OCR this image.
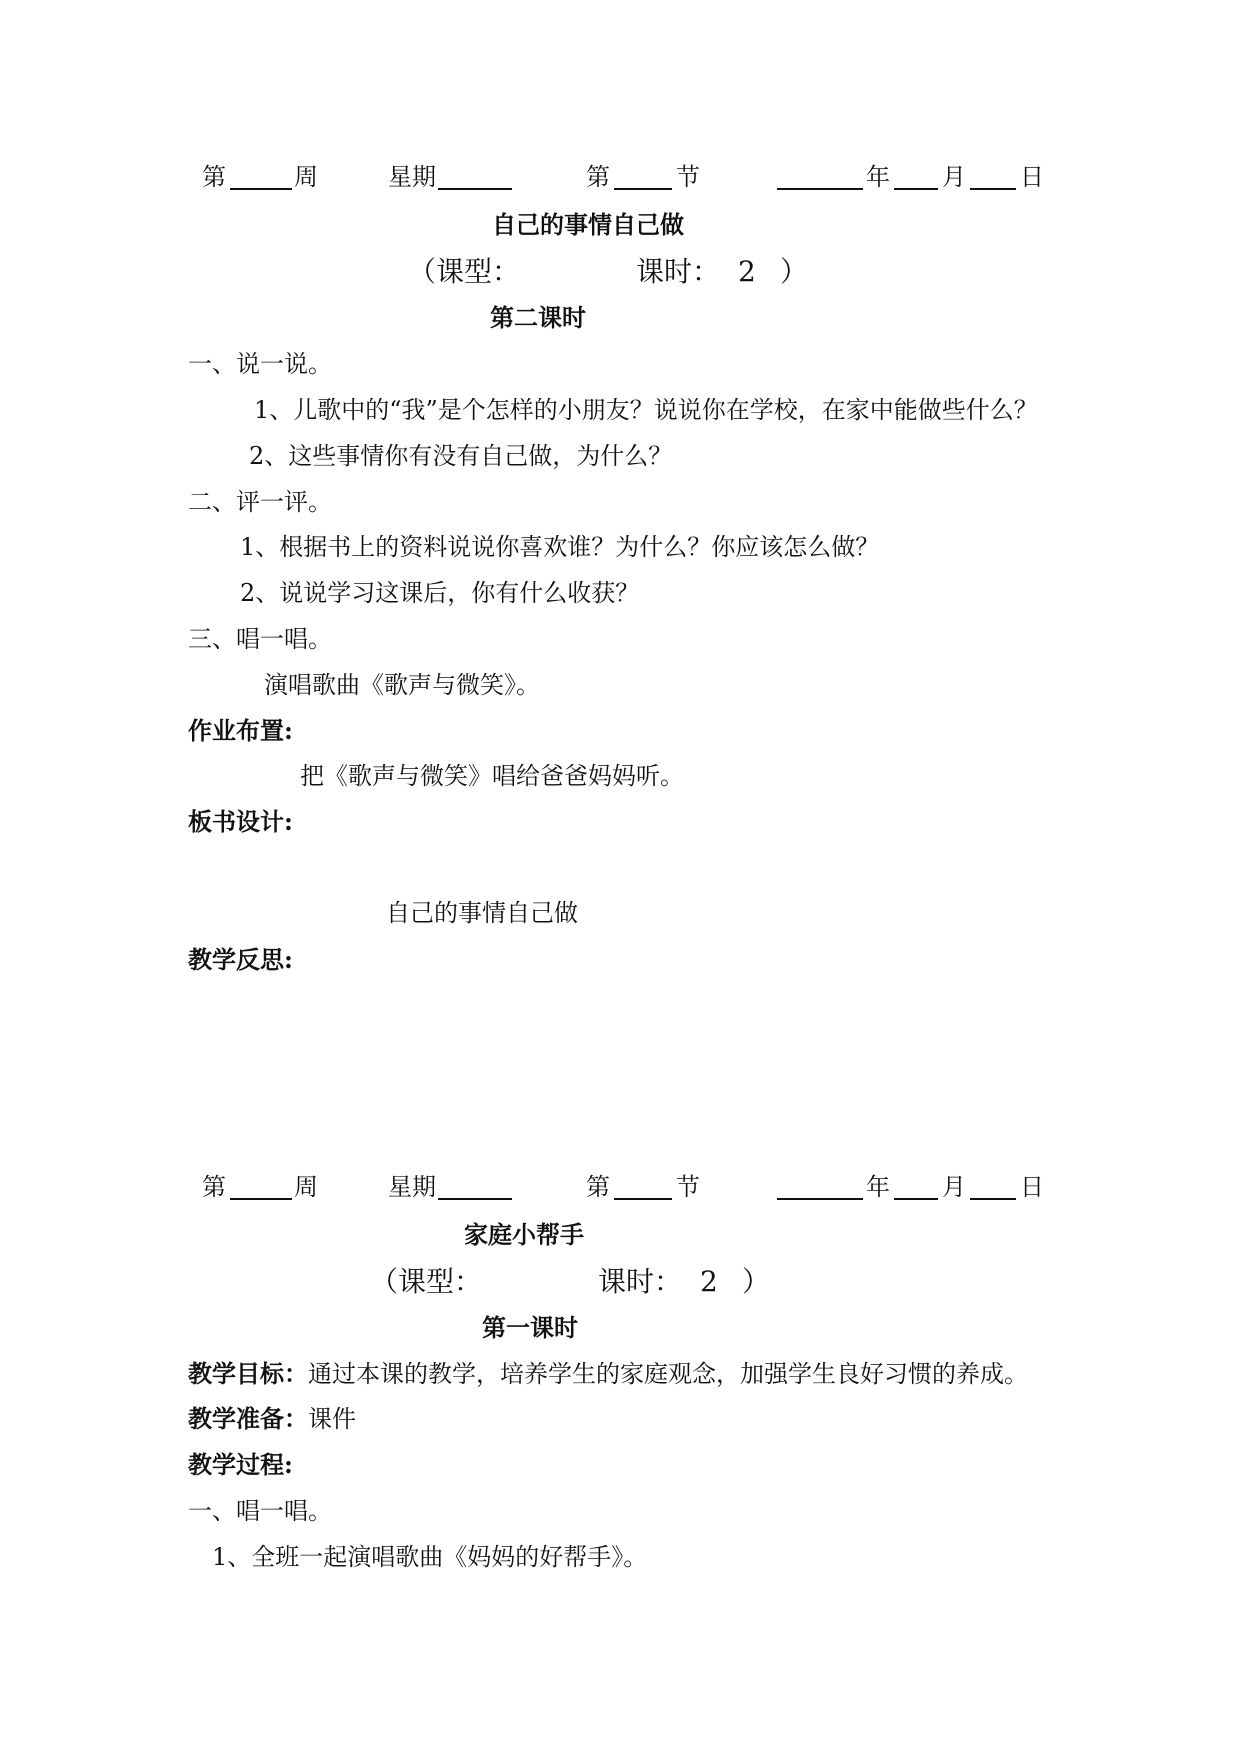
第	周	星期	第	节	年 月 日
自己的事情自己做
（课型：	课时： 2 ）
第二课时
一、说一说。
1、儿歌中的“我”是个怎样的小朋友？说说你在学校，在家中能做些什么？
2、这些事情你有没有自己做，为什么？
二、评一评。
1、根据书上的资料说说你喜欢谁？为什么？你应该怎么做？
2、说说学习这课后，你有什么收获？
三、唱一唱。
演唱歌曲《歌声与微笑》。
作业布置:
把《歌声与微笑》唱给爸爸妈妈听。
板书设计:
自己的事情自己做
教学反思:
第	周	星期	第	节	年 月 日
家庭小帮手
（课型：	课时： 2 ）
第一课时
教学目标：通过本课的教学，培养学生的家庭观念，加强学生良好习惯的养成。
教学准备：课件
教学过程:
一、唱一唱。
1、全班一起演唱歌曲《妈妈的好帮手》。
